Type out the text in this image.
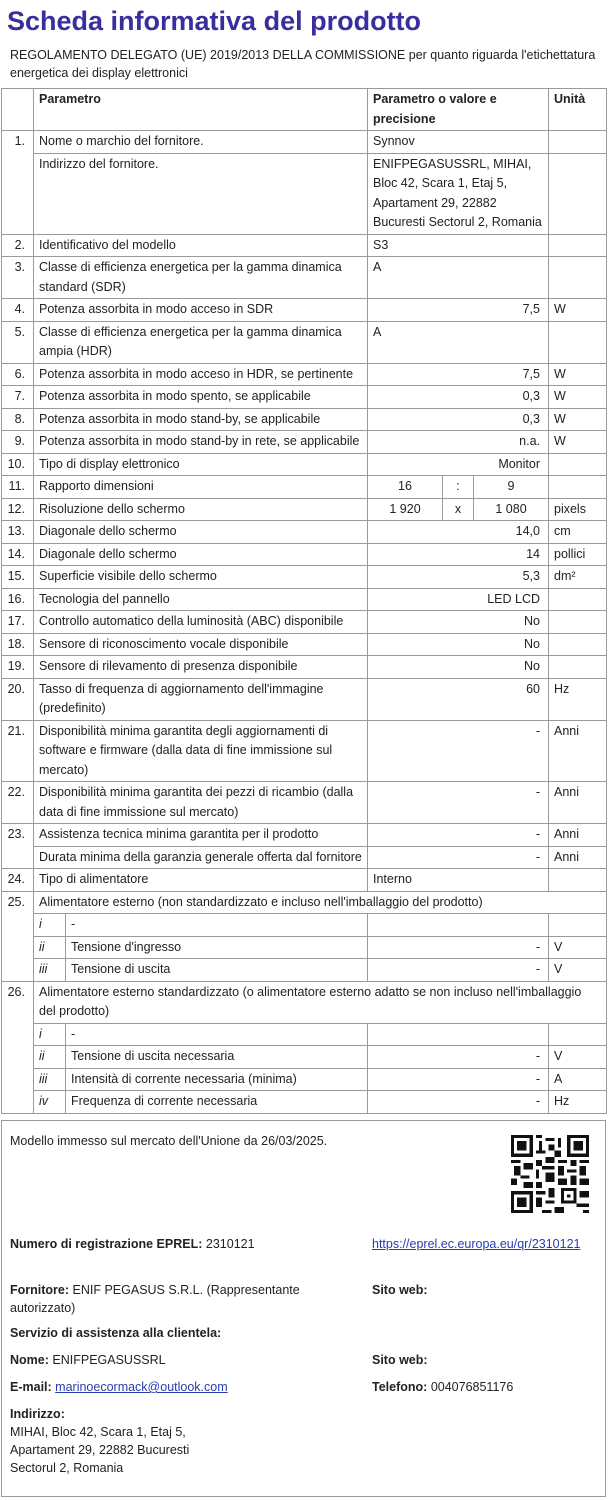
Scheda informativa del prodotto
REGOLAMENTO DELEGATO (UE) 2019/2013 DELLA COMMISSIONE per quanto riguarda l'etichettatura energetica dei display elettronici
	Parametro		Parametro o valore e precisione			Unità
1.	Nome o marchio del fornitore.		Synnov			
	Indirizzo del fornitore.		ENIFPEGASUSSRL, MIHAI, Bloc 42, Scara 1, Etaj 5, Apartament 29, 22882 Bucuresti Sectorul 2, Romania			
2.	Identificativo del modello		S3			
3.	Classe di efficienza energetica per la gamma dinamica standard (SDR)		A			
4.	Potenza assorbita in modo acceso in SDR		7,5			W
5.	Classe di efficienza energetica per la gamma dinamica ampia (HDR)		A			
6.	Potenza assorbita in modo acceso in HDR, se pertinente		7,5			W
7.	Potenza assorbita in modo spento, se applicabile		0,3			W
8.	Potenza assorbita in modo stand-by, se applicabile		0,3			W
9.	Potenza assorbita in modo stand-by in rete, se applicabile		n.a.			W
10.	Tipo di display elettronico		Monitor			
11.	Rapporto dimensioni		16	:	9	
12.	Risoluzione dello schermo		1 920	x	1 080	pixels
13.	Diagonale dello schermo		14,0			cm
14.	Diagonale dello schermo		14			pollici
15.	Superficie visibile dello schermo		5,3			dm²
16.	Tecnologia del pannello		LED LCD			
17.	Controllo automatico della luminosità (ABC) disponibile		No			
18.	Sensore di riconoscimento vocale disponibile		No			
19.	Sensore di rilevamento di presenza disponibile		No			
20.	Tasso di frequenza di aggiornamento dell'immagine (predefinito)		60			Hz
21.	Disponibilità minima garantita degli aggiornamenti di software e firmware (dalla data di fine immissione sul mercato)		-			Anni
22.	Disponibilità minima garantita dei pezzi di ricambio (dalla data di fine immissione sul mercato)		-			Anni
23.	Assistenza tecnica minima garantita per il prodotto		-			Anni
	Durata minima della garanzia generale offerta dal fornitore		-			Anni
24.	Tipo di alimentatore		Interno			
25.	Alimentatore esterno (non standardizzato e incluso nell'imballaggio del prodotto)					
	i	-				
	ii	Tensione d'ingresso	-			V
	iii	Tensione di uscita	-			V
26.	Alimentatore esterno standardizzato (o alimentatore esterno adatto se non incluso nell'imballaggio del prodotto)					
	i	-				
	ii	Tensione di uscita necessaria	-			V
	iii	Intensità di corrente necessaria (minima)	-			A
	iv	Frequenza di corrente necessaria	-			Hz
Modello immesso sul mercato dell'Unione da 26/03/2025.
Numero di registrazione EPREL: 2310121	https://eprel.ec.europa.eu/qr/2310121
Fornitore: ENIF PEGASUS S.R.L. (Rappresentante autorizzato)
Sito web:
Servizio di assistenza alla clientela:
Nome: ENIFPEGASUSSRL	Sito web:
E-mail: marinoecormack@outlook.com	Telefono: 004076851176
Indirizzo:
MIHAI, Bloc 42, Scara 1, Etaj 5, Apartament 29, 22882 Bucuresti Sectorul 2, Romania
